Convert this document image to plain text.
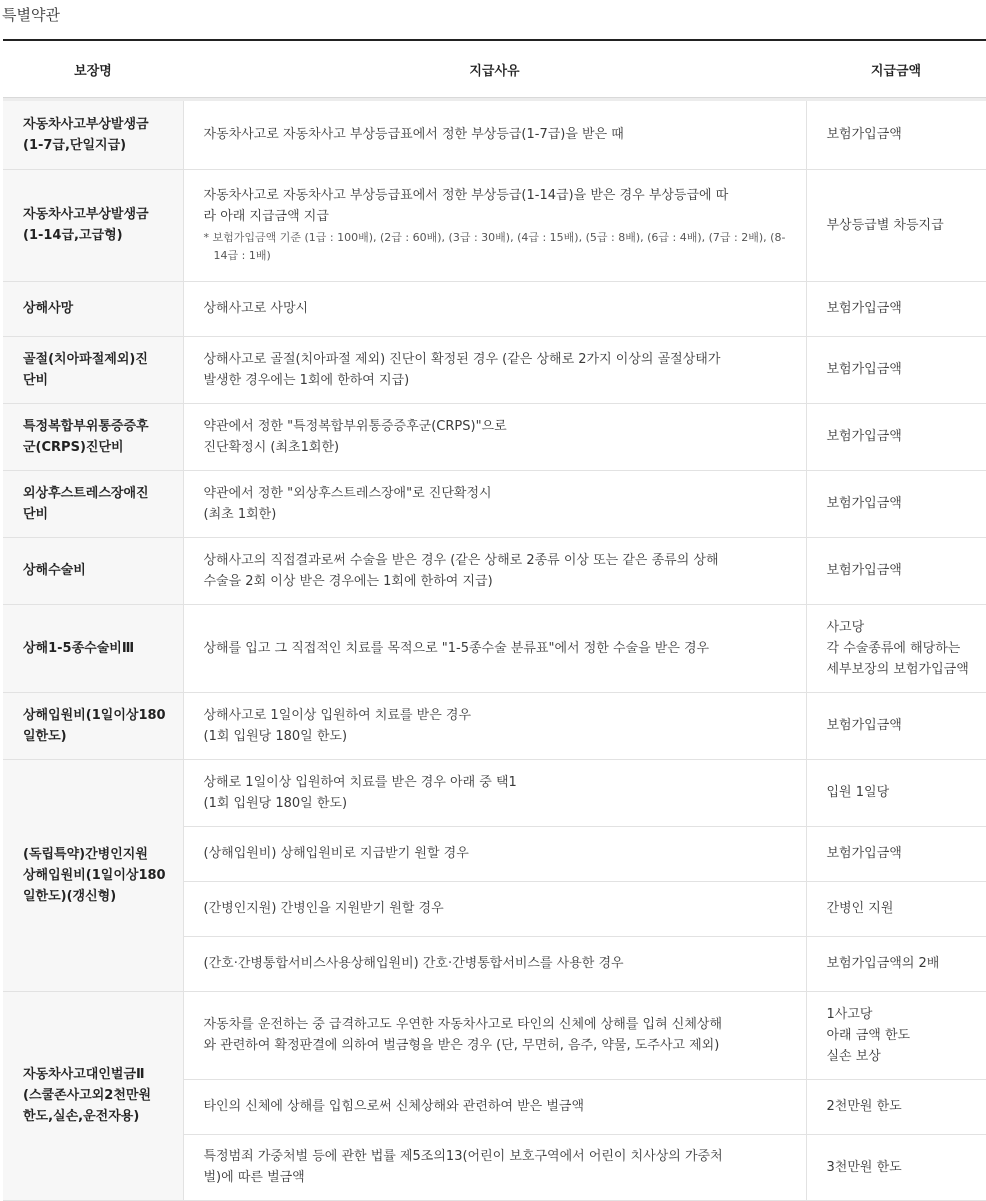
특별약관
보장명	지급사유	지급금액

자동차사고부상발생금
(1-7급,단일지급)	자동차사고로 자동차사고 부상등급표에서 정한 부상등급(1-7급)을 받은 때	보험가입금액

자동차사고부상발생금
(1-14급,고급형)	자동차사고로 자동차사고 부상등급표에서 정한 부상등급(1-14급)을 받은 경우 부상등급에 따
라 아래 지급금액 지급
* 보험가입금액 기준 (1급 : 100배), (2급 : 60배), (3급 : 30배), (4급 : 15배), (5급 : 8배), (6급 : 4배), (7급 : 2배), (8-14급 : 1배)	부상등급별 차등지급

상해사망	상해사고로 사망시	보험가입금액

골절(치아파절제외)진
단비	상해사고로 골절(치아파절 제외) 진단이 확정된 경우 (같은 상해로 2가지 이상의 골절상태가
발생한 경우에는 1회에 한하여 지급)	보험가입금액

특정복합부위통증증후
군(CRPS)진단비	약관에서 정한 "특정복합부위통증증후군(CRPS)"으로
진단확정시 (최초1회한)	보험가입금액

외상후스트레스장애진
단비	약관에서 정한 "외상후스트레스장애"로 진단확정시
(최초 1회한)	보험가입금액

상해수술비	상해사고의 직접결과로써 수술을 받은 경우 (같은 상해로 2종류 이상 또는 같은 종류의 상해
수술을 2회 이상 받은 경우에는 1회에 한하여 지급)	보험가입금액

상해1-5종수술비Ⅲ	상해를 입고 그 직접적인 치료를 목적으로 "1-5종수술 분류표"에서 정한 수술을 받은 경우	사고당
각 수술종류에 해당하는
세부보장의 보험가입금액

상해입원비(1일이상180
일한도)	상해사고로 1일이상 입원하여 치료를 받은 경우
(1회 입원당 180일 한도)	보험가입금액

(독립특약)간병인지원
상해입원비(1일이상180
일한도)(갱신형)	상해로 1일이상 입원하여 치료를 받은 경우 아래 중 택1
(1회 입원당 180일 한도)	입원 1일당

	(상해입원비) 상해입원비로 지급받기 원할 경우	보험가입금액

	(간병인지원) 간병인을 지원받기 원할 경우	간병인 지원

	(간호·간병통합서비스사용상해입원비) 간호·간병통합서비스를 사용한 경우	보험가입금액의 2배

자동차사고대인벌금Ⅱ
(스쿨존사고외2천만원
한도,실손,운전자용)	자동차를 운전하는 중 급격하고도 우연한 자동차사고로 타인의 신체에 상해를 입혀 신체상해
와 관련하여 확정판결에 의하여 벌금형을 받은 경우 (단, 무면허, 음주, 약물, 도주사고 제외)	1사고당
아래 금액 한도
실손 보상

	타인의 신체에 상해를 입힘으로써 신체상해와 관련하여 받은 벌금액	2천만원 한도

	특정범죄 가중처벌 등에 관한 법률 제5조의13(어린이 보호구역에서 어린이 치사상의 가중처
벌)에 따른 벌금액	3천만원 한도
